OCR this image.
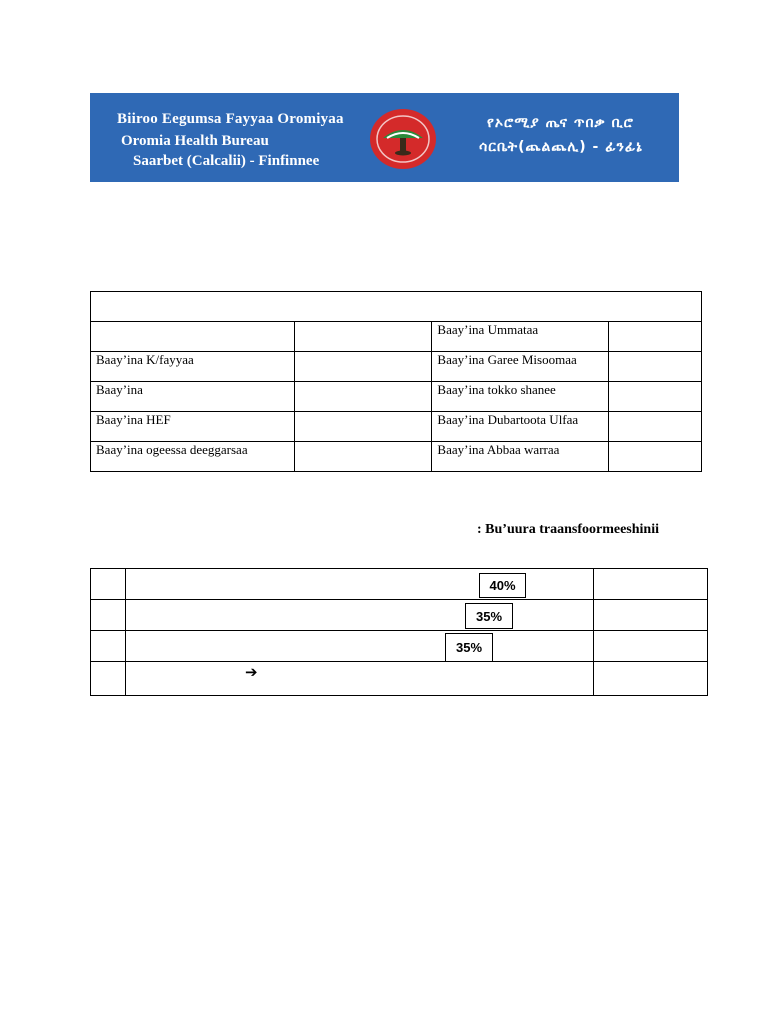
Biiroo Eegumsa Fayyaa Oromiyaa
Oromia Health Bureau
Saarbet (Calcalii) - Finfinnee
የኦሮሚያ ጤና ጥበቃ ቢሮ
ሳርቤት(ጨልጨሊ) - ፊንፊኔ

		Baay’ina Ummataa	
Baay’ina K/fayyaa		Baay’ina Garee Misoomaa	
Baay’ina		Baay’ina tokko shanee	
Baay’ina HEF		Baay’ina Dubartoota Ulfaa	
Baay’ina ogeessa deeggarsaa		Baay’ina Abbaa warraa	
: Bu’uura traansfoormeeshinii

40%
35%
35%
➔
